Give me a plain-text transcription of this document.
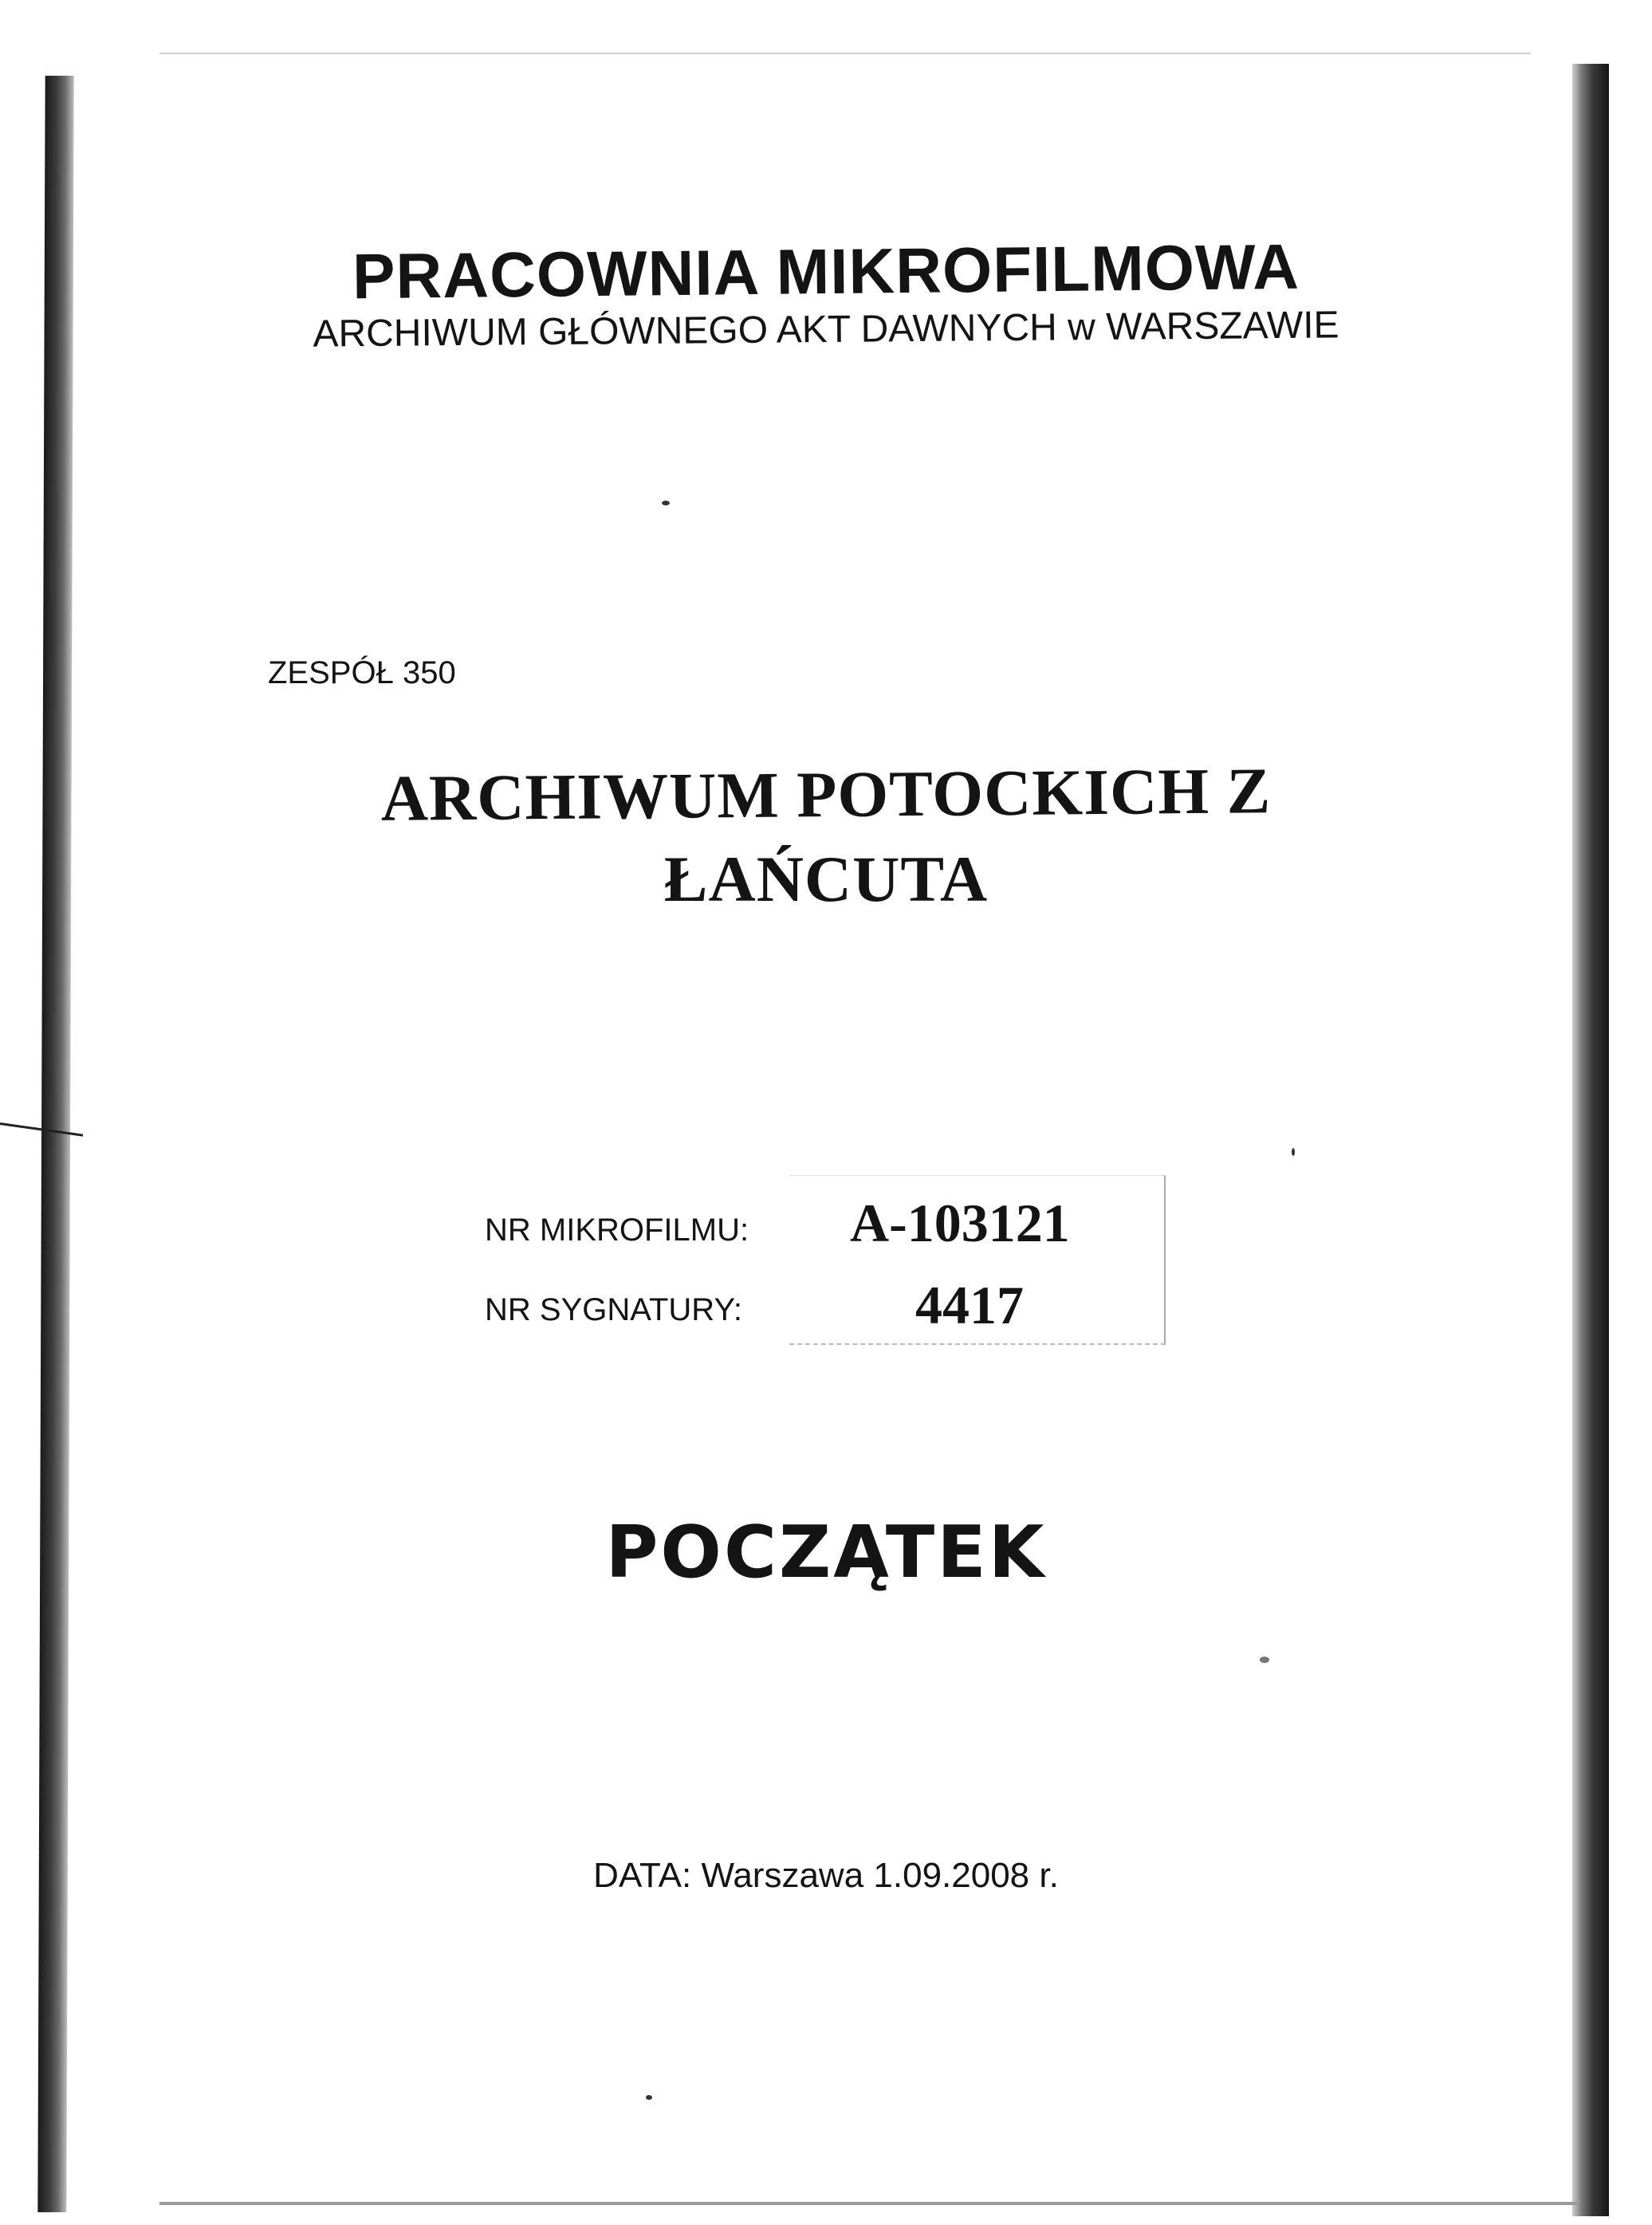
PRACOWNIA MIKROFILMOWA
ARCHIWUM GŁÓWNEGO AKT DAWNYCH w WARSZAWIE
ZESPÓŁ 350
ARCHIWUM POTOCKICH Z
ŁAŃCUTA
NR MIKROFILMU: A-103121
NR SYGNATURY:	4417
POCZĄTEK
DATA: Warszawa 1.09.2008 r.
